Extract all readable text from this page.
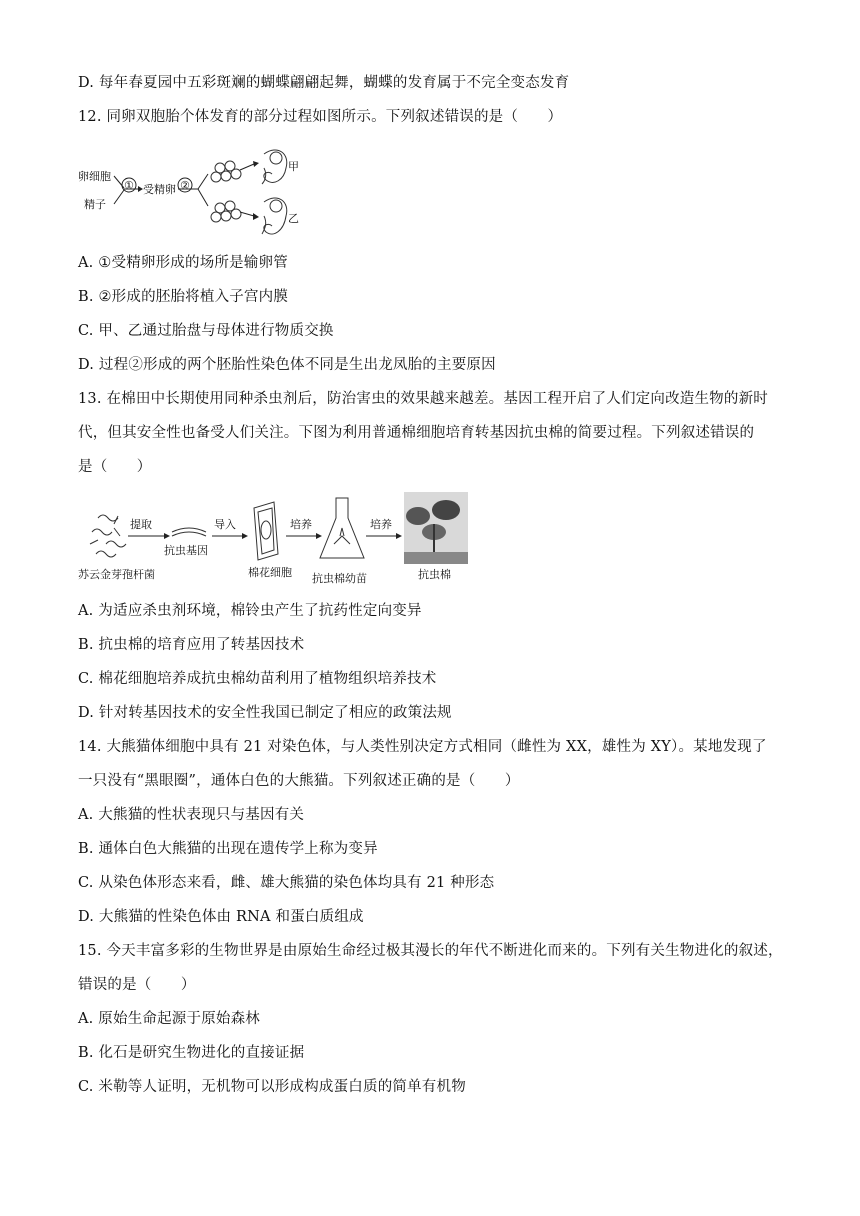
D. 每年春夏园中五彩斑斓的蝴蝶翩翩起舞，蝴蝶的发育属于不完全变态发育
12. 同卵双胞胎个体发育的部分过程如图所示。下列叙述错误的是（　　）
卵细胞
精子
① 受精卵 ②
甲
乙
A. ①受精卵形成的场所是输卵管
B. ②形成的胚胎将植入子宫内膜
C. 甲、乙通过胎盘与母体进行物质交换
D. 过程②形成的两个胚胎性染色体不同是生出龙凤胎的主要原因
13. 在棉田中长期使用同种杀虫剂后，防治害虫的效果越来越差。基因工程开启了人们定向改造生物的新时
代，但其安全性也备受人们关注。下图为利用普通棉细胞培育转基因抗虫棉的简要过程。下列叙述错误的
是（　　）
苏云金芽孢杆菌
提取
抗虫基因
导入
棉花细胞
培养
抗虫棉幼苗
培养
抗虫棉
A. 为适应杀虫剂环境，棉铃虫产生了抗药性定向变异
B. 抗虫棉的培育应用了转基因技术
C. 棉花细胞培养成抗虫棉幼苗利用了植物组织培养技术
D. 针对转基因技术的安全性我国已制定了相应的政策法规
14. 大熊猫体细胞中具有 21 对染色体，与人类性别决定方式相同（雌性为 XX，雄性为 XY）。某地发现了
一只没有“黑眼圈”，通体白色的大熊猫。下列叙述正确的是（　　）
A. 大熊猫的性状表现只与基因有关
B. 通体白色大熊猫的出现在遗传学上称为变异
C. 从染色体形态来看，雌、雄大熊猫的染色体均具有 21 种形态
D. 大熊猫的性染色体由 RNA 和蛋白质组成
15. 今天丰富多彩的生物世界是由原始生命经过极其漫长的年代不断进化而来的。下列有关生物进化的叙述，
错误的是（　　）
A. 原始生命起源于原始森林
B. 化石是研究生物进化的直接证据
C. 米勒等人证明，无机物可以形成构成蛋白质的简单有机物
